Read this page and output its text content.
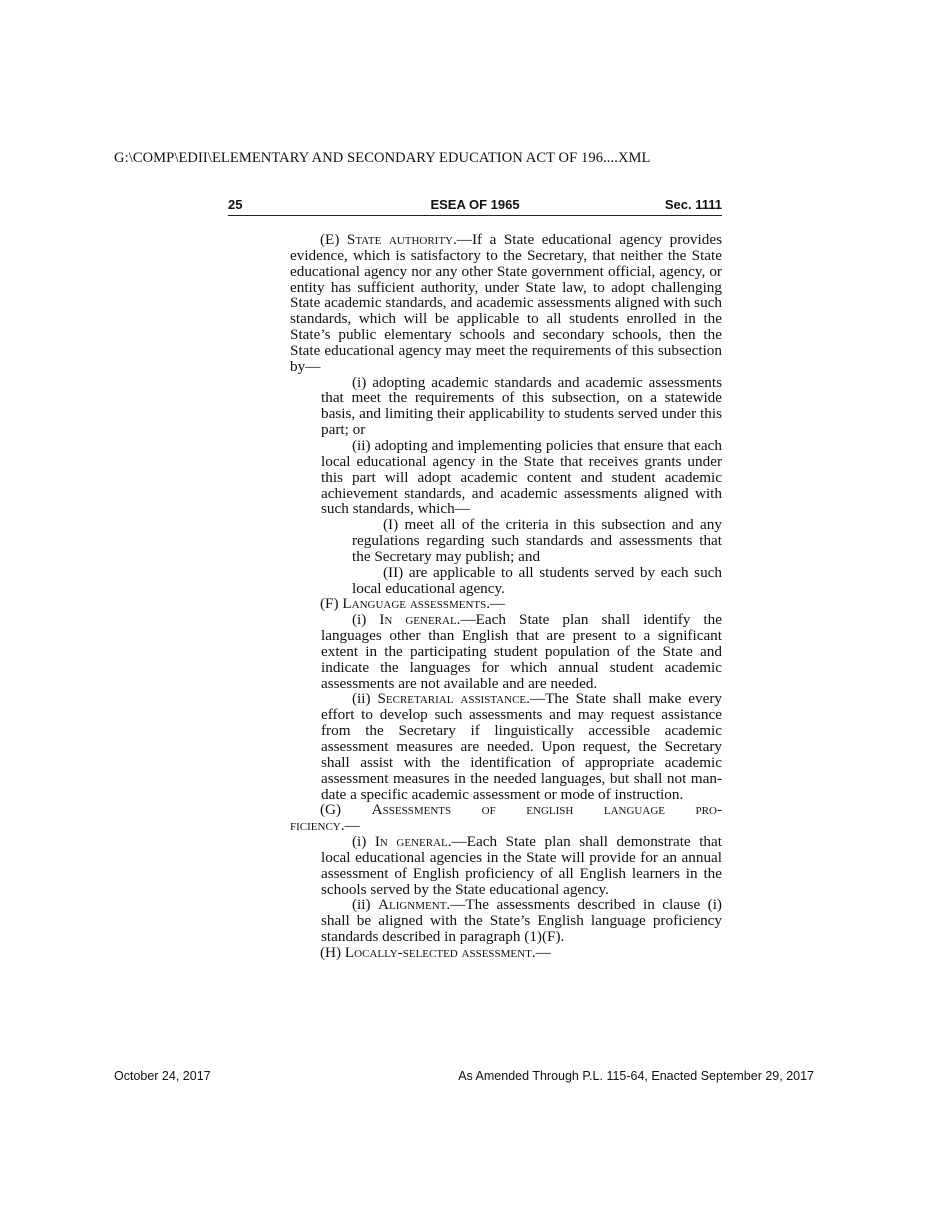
G:\COMP\EDII\ELEMENTARY AND SECONDARY EDUCATION ACT OF 196....XML
25	ESEA OF 1965	Sec. 1111

(E) State authority.—If a State educational agency provides evidence, which is satisfactory to the Secretary, that neither the State educational agency nor any other State government official, agency, or entity has sufficient authority, under State law, to adopt challenging State academic standards, and academic assessments aligned with such standards, which will be applicable to all students enrolled in the State’s public elementary schools and secondary schools, then the State educational agency may meet the requirements of this subsection by—

(i) adopting academic standards and academic assessments that meet the requirements of this subsection, on a statewide basis, and limiting their applicability to students served under this part; or

(ii) adopting and implementing policies that ensure that each local educational agency in the State that receives grants under this part will adopt academic content and student academic achievement standards, and academic assessments aligned with such standards, which—

(I) meet all of the criteria in this subsection and any regulations regarding such standards and assessments that the Secretary may publish; and

(II) are applicable to all students served by each such local educational agency.

(F) Language assessments.—

(i) In general.—Each State plan shall identify the languages other than English that are present to a significant extent in the participating student population of the State and indicate the languages for which annual student academic assessments are not available and are needed.

(ii) Secretarial assistance.—The State shall make every effort to develop such assessments and may request assistance from the Secretary if linguistically accessible academic assessment measures are needed. Upon request, the Secretary shall assist with the identification of appropriate academic assessment measures in the needed languages, but shall not mandate a specific academic assessment or mode of instruction.

(G) Assessments of english language pro-

ficiency.—

(i) In general.—Each State plan shall demonstrate that local educational agencies in the State will provide for an annual assessment of English proficiency of all English learners in the schools served by the State educational agency.

(ii) Alignment.—The assessments described in clause (i) shall be aligned with the State’s English language proficiency standards described in paragraph (1)(F).

(H) Locally-selected assessment.—

October 24, 2017	As Amended Through P.L. 115-64, Enacted September 29, 2017
